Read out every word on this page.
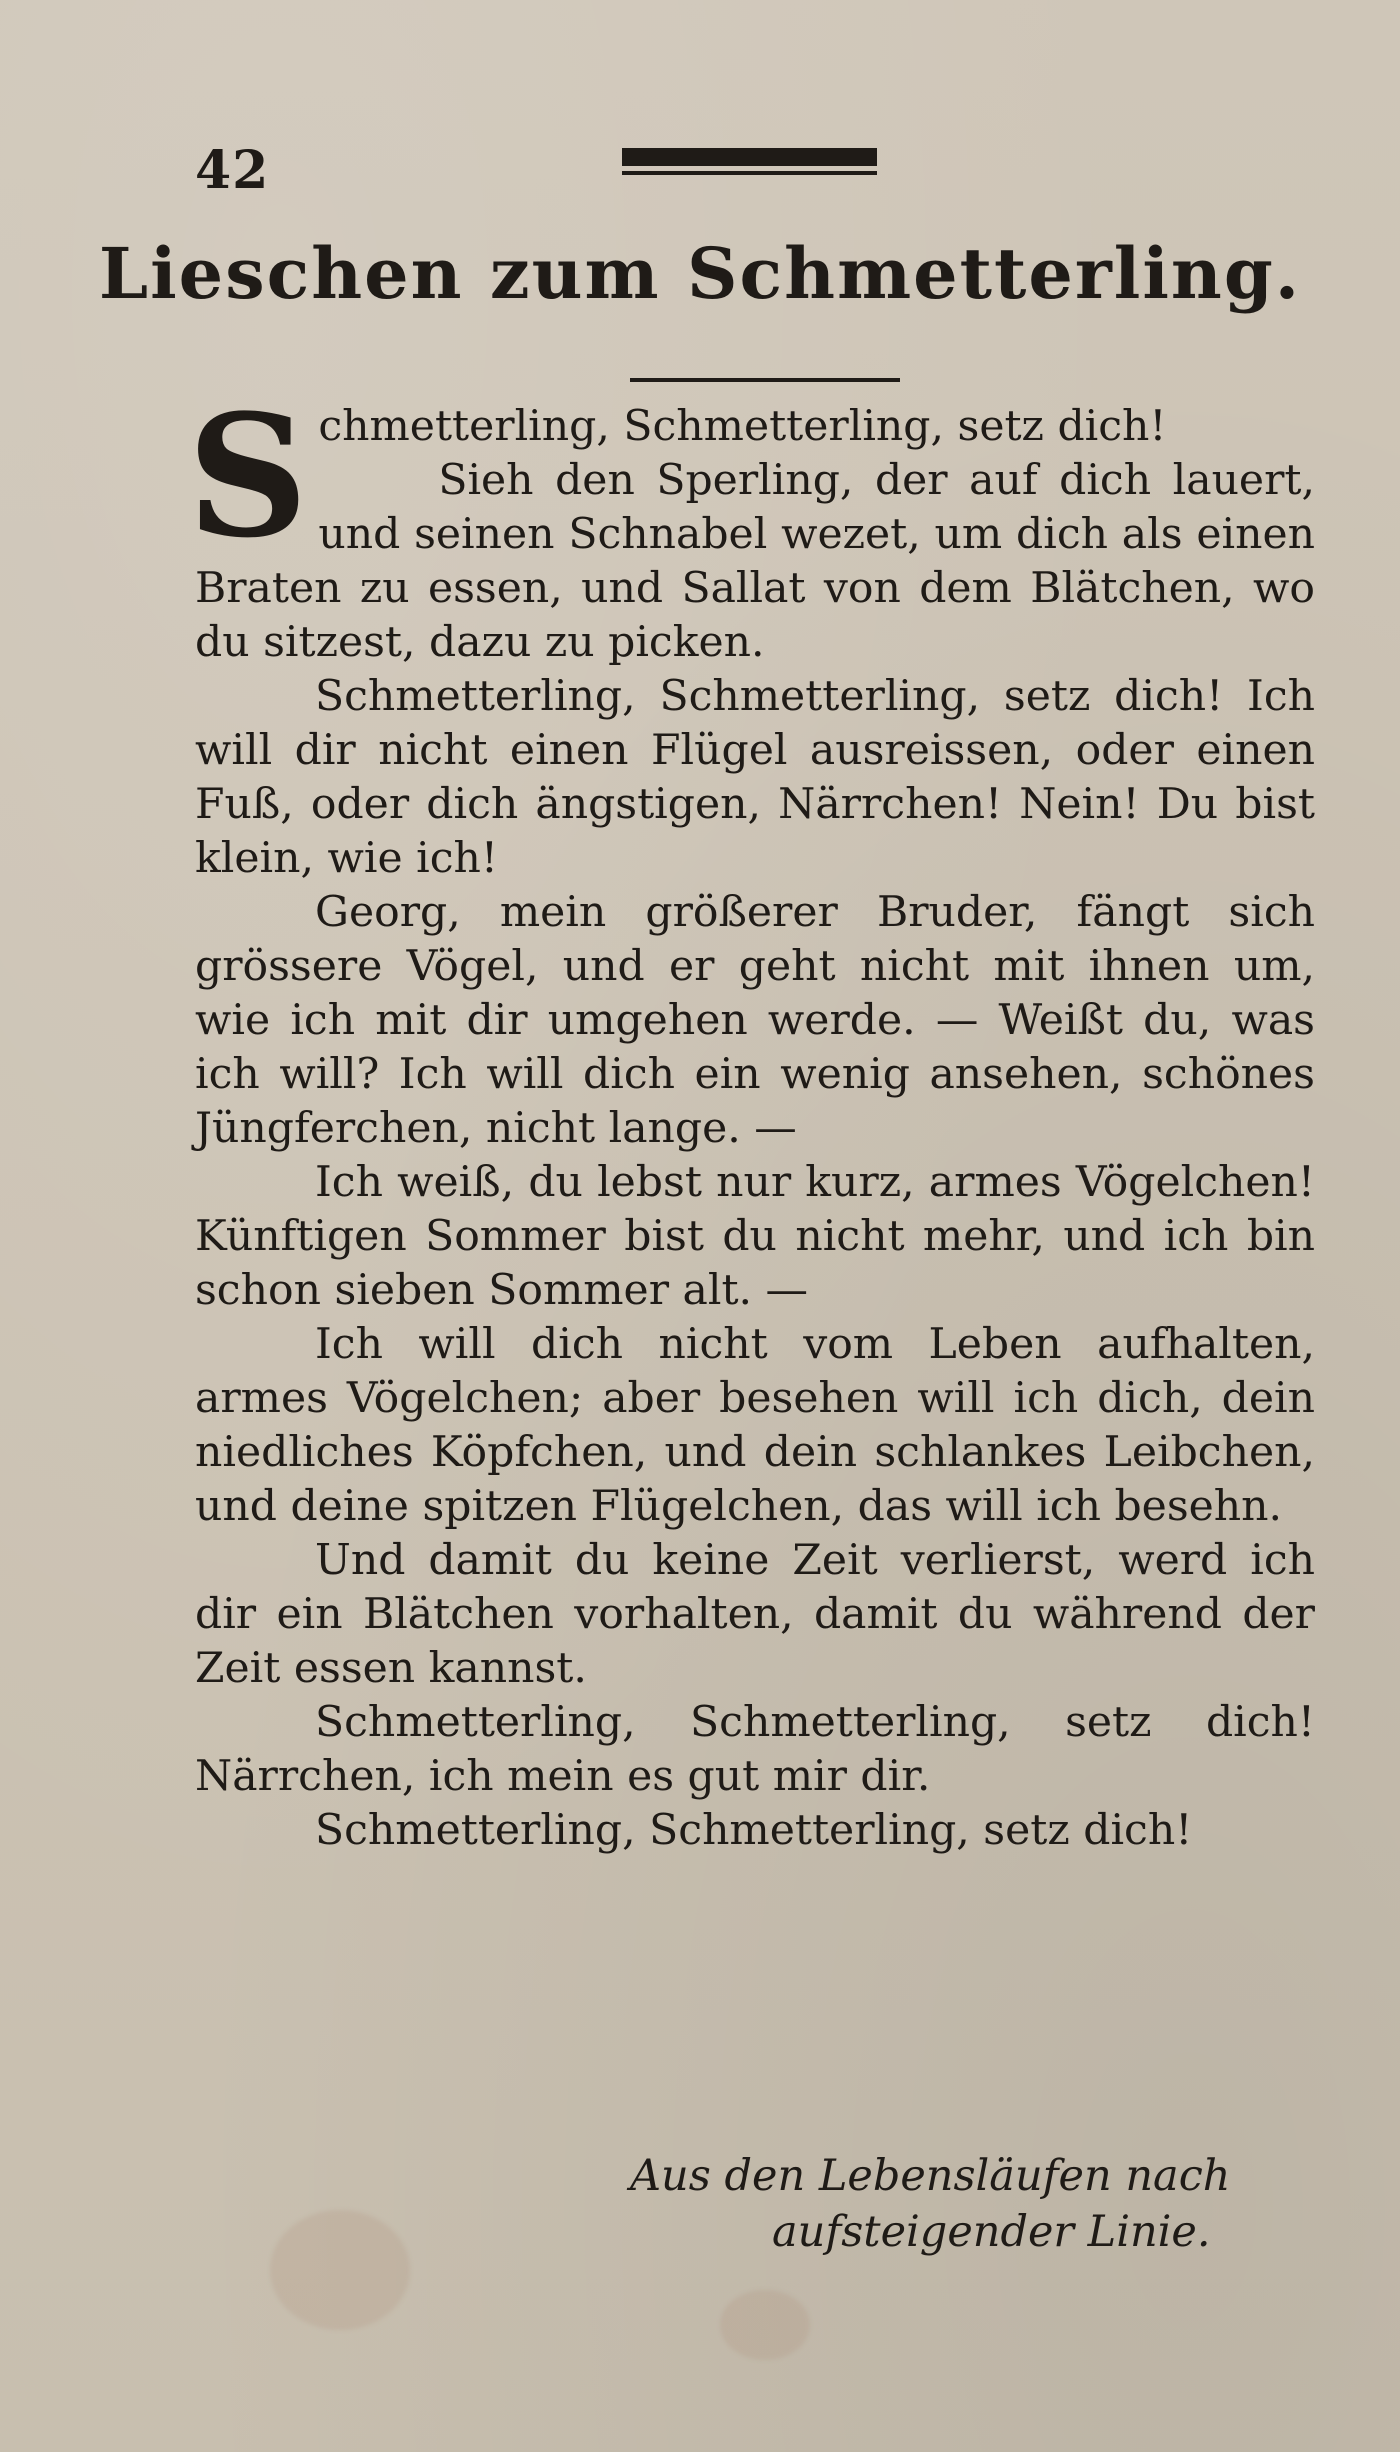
42
Lieschen zum Schmetterling.

S chmetterling, Schmetterling, setz dich!

Sieh den Sperling, der auf dich lauert, und seinen Schnabel wezet, um dich als einen Braten zu essen, und Sallat von dem Blätchen, wo du sitzest, dazu zu picken.

Schmetterling, Schmetterling, setz dich! Ich will dir nicht einen Flügel ausreissen, oder einen Fuß, oder dich ängstigen, Närrchen! Nein! Du bist klein, wie ich!

Georg, mein größerer Bruder, fängt sich grössere Vögel, und er geht nicht mit ihnen um, wie ich mit dir umgehen werde. — Weißt du, was ich will? Ich will dich ein wenig ansehen, schönes Jüngferchen, nicht lange. —

Ich weiß, du lebst nur kurz, armes Vögelchen! Künftigen Sommer bist du nicht mehr, und ich bin schon sieben Sommer alt. —

Ich will dich nicht vom Leben aufhalten, armes Vögelchen; aber besehen will ich dich, dein niedliches Köpfchen, und dein schlankes Leibchen, und deine spitzen Flügelchen, das will ich besehn.

Und damit du keine Zeit verlierst, werd ich dir ein Blätchen vorhalten, damit du während der Zeit essen kannst.

Schmetterling, Schmetterling, setz dich! Närrchen, ich mein es gut mir dir.

Schmetterling, Schmetterling, setz dich!

Aus den Lebensläufen nach
aufsteigender Linie.
